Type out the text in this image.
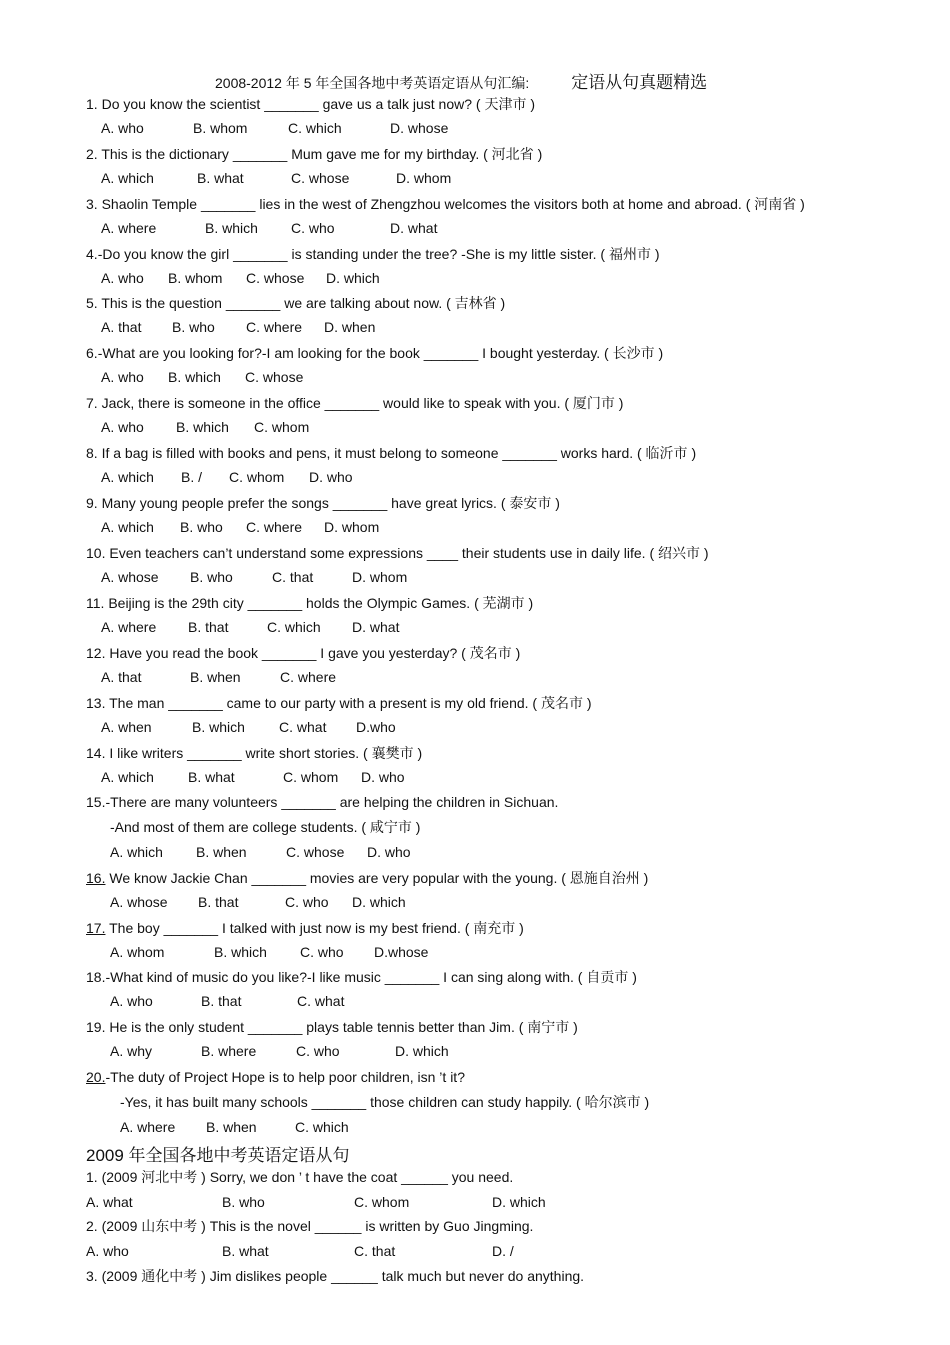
2008-2012 年 5 年全国各地中考英语定语从句汇编: 定语从句真题精选
1. Do you know the scientist _______ gave us a talk just now? ( 天津市 )
A. who	B. whom	C. which	D. whose
2. This is the dictionary _______ Mum gave me for my birthday. ( 河北省 )
A. which	B. what	C. whose	D. whom
3. Shaolin Temple _______ lies in the west of Zhengzhou welcomes the visitors both at home and abroad. ( 河南省 )
A. where	B. which C. who	D. what
4.-Do you know the girl _______ is standing under the tree? -She is my little sister. ( 福州市 )
A. who B. whom C. whose D. which
5. This is the question _______ we are talking about now. ( 吉林省 )
A. that B. who C. where D. when
6.-What are you looking for?-I am looking for the book _______ I bought yesterday. ( 长沙市 )
A. who B. which C. whose
7. Jack, there is someone in the office _______ would like to speak with you. ( 厦门市 )
A. who B. which C. whom
8. If a bag is filled with books and pens, it must belong to someone _______ works hard. ( 临沂市 )
A. which B. / C. whom D. who
9. Many young people prefer the songs _______ have great lyrics. ( 泰安市 )
A. which B. who C. where D. whom
10. Even teachers can’t understand some expressions ____ their students use in daily life. ( 绍兴市 )
A. whose B. who	C. that	D. whom
11. Beijing is the 29th city _______ holds the Olympic Games. ( 芜湖市 )
A. where B. that	C. which D. what
12. Have you read the book _______ I gave you yesterday? ( 茂名市 )
A. that	B. when	C. where
13. The man _______ came to our party with a present is my old friend. ( 茂名市 )
A. when	B. which C. what D.who
14. I like writers _______ write short stories. ( 襄樊市 )
A. which B. what	C. whom D. who
15.-There are many volunteers _______ are helping the children in Sichuan.
-And most of them are college students. ( 咸宁市 )
A. which B. when	C. whose D. who
16. We know Jackie Chan _______ movies are very popular with the young. ( 恩施自治州 )
A. whose B. that	C. who D. which
17. The boy _______ I talked with just now is my best friend. ( 南充市 )
A. whom	B. which C. who D.whose
18.-What kind of music do you like?-I like music _______ I can sing along with. ( 自贡市 )
A. who	B. that	C. what
19. He is the only student _______ plays table tennis better than Jim. ( 南宁市 )
A. why	B. where	C. who	D. which
20.-The duty of Project Hope is to help poor children, isn ’t it?
-Yes, it has built many schools _______ those children can study happily. ( 哈尔滨市 )
A. where B. when	C. which
2009 年全国各地中考英语定语从句
1. (2009 河北中考 ) Sorry, we don ’ t have the coat ______ you need.
A. what	B. who	C. whom	D. which
2. (2009 山东中考 ) This is the novel ______ is written by Guo Jingming.
A. who	B. what	C. that	D. /
3. (2009 通化中考 ) Jim dislikes people ______ talk much but never do anything.
